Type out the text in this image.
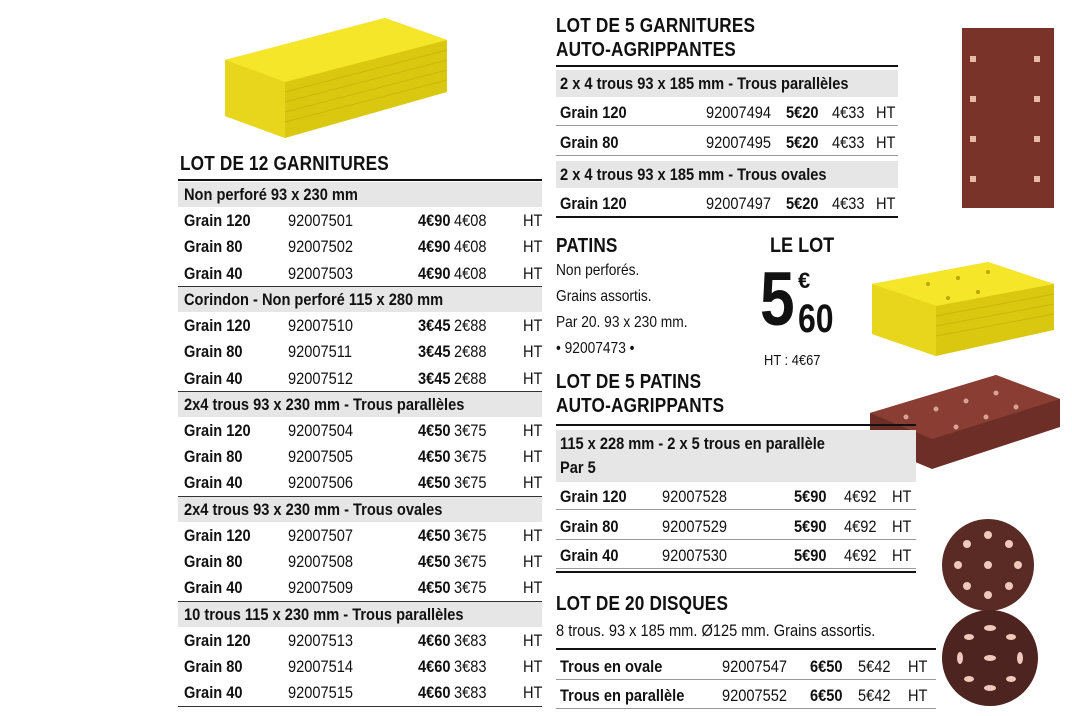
LOT DE 12 GARNITURES
Non perforé 93 x 230 mm
Grain 120 92007501	4€90 4€08 HT
Grain 80	92007502	4€90 4€08 HT
Grain 40	92007503	4€90 4€08 HT
Corindon - Non perforé 115 x 280 mm
Grain 120 92007510	3€45 2€88 HT
Grain 80	92007511	3€45 2€88 HT
Grain 40	92007512	3€45 2€88 HT
2x4 trous 93 x 230 mm - Trous parallèles
Grain 120 92007504	4€50 3€75 HT
Grain 80	92007505	4€50 3€75 HT
Grain 40	92007506	4€50 3€75 HT
2x4 trous 93 x 230 mm - Trous ovales
Grain 120 92007507	4€50 3€75 HT
Grain 80	92007508	4€50 3€75 HT
Grain 40	92007509	4€50 3€75 HT
10 trous 115 x 230 mm - Trous parallèles
Grain 120 92007513	4€60 3€83 HT
Grain 80	92007514	4€60 3€83 HT
Grain 40	92007515	4€60 3€83 HT
LOT DE 5 GARNITURES
AUTO-AGRIPPANTES
2 x 4 trous 93 x 185 mm - Trous parallèles
Grain 120	92007494 5€20 4€33 HT
Grain 80	92007495 5€20 4€33 HT
2 x 4 trous 93 x 185 mm - Trous ovales
Grain 120	92007497 5€20 4€33 HT
PATINS
Non perforés.
Grains assortis.
Par 20. 93 x 230 mm.
• 92007473 •
LE LOT
5 €
60
HT : 4€67
LOT DE 5 PATINS
AUTO-AGRIPPANTS
115 x 228 mm - 2 x 5 trous en parallèle
Par 5
Grain 120 92007528	5€90 4€92 HT
Grain 80	92007529	5€90 4€92 HT
Grain 40	92007530	5€90 4€92 HT
LOT DE 20 DISQUES
8 trous. 93 x 185 mm. Ø125 mm. Grains assortis.
Trous en ovale	92007547 6€50 5€42 HT
Trous en parallèle 92007552 6€50 5€42 HT
